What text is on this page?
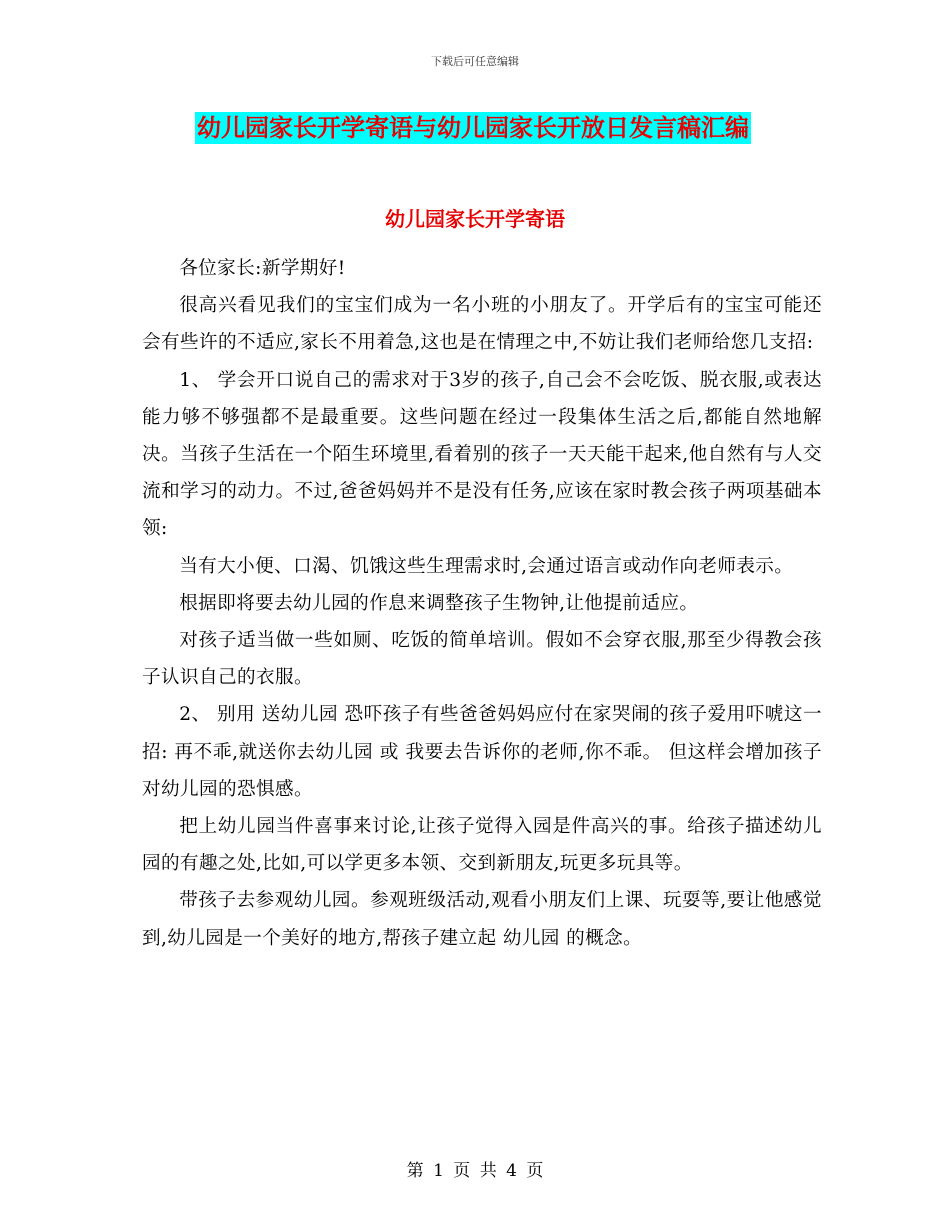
下载后可任意编辑
幼儿园家长开学寄语与幼儿园家长开放日发言稿汇编
幼儿园家长开学寄语

各位家长:新学期好!

很高兴看见我们的宝宝们成为一名小班的小朋友了。开学后有的宝宝可能还会有些许的不适应,家长不用着急,这也是在情理之中,不妨让我们老师给您几支招:

1、 学会开口说自己的需求对于3岁的孩子,自己会不会吃饭、脱衣服,或表达能力够不够强都不是最重要。这些问题在经过一段集体生活之后,都能自然地解决。当孩子生活在一个陌生环境里,看着别的孩子一天天能干起来,他自然有与人交流和学习的动力。不过,爸爸妈妈并不是没有任务,应该在家时教会孩子两项基础本领:

当有大小便、口渴、饥饿这些生理需求时,会通过语言或动作向老师表示。

根据即将要去幼儿园的作息来调整孩子生物钟,让他提前适应。

对孩子适当做一些如厕、吃饭的简单培训。假如不会穿衣服,那至少得教会孩子认识自己的衣服。

2、 别用 送幼儿园 恐吓孩子有些爸爸妈妈应付在家哭闹的孩子爱用吓唬这一招: 再不乖,就送你去幼儿园 或 我要去告诉你的老师,你不乖。 但这样会增加孩子对幼儿园的恐惧感。

把上幼儿园当件喜事来讨论,让孩子觉得入园是件高兴的事。给孩子描述幼儿园的有趣之处,比如,可以学更多本领、交到新朋友,玩更多玩具等。

带孩子去参观幼儿园。参观班级活动,观看小朋友们上课、玩耍等,要让他感觉到,幼儿园是一个美好的地方,帮孩子建立起 幼儿园 的概念。

第 1 页 共 4 页
